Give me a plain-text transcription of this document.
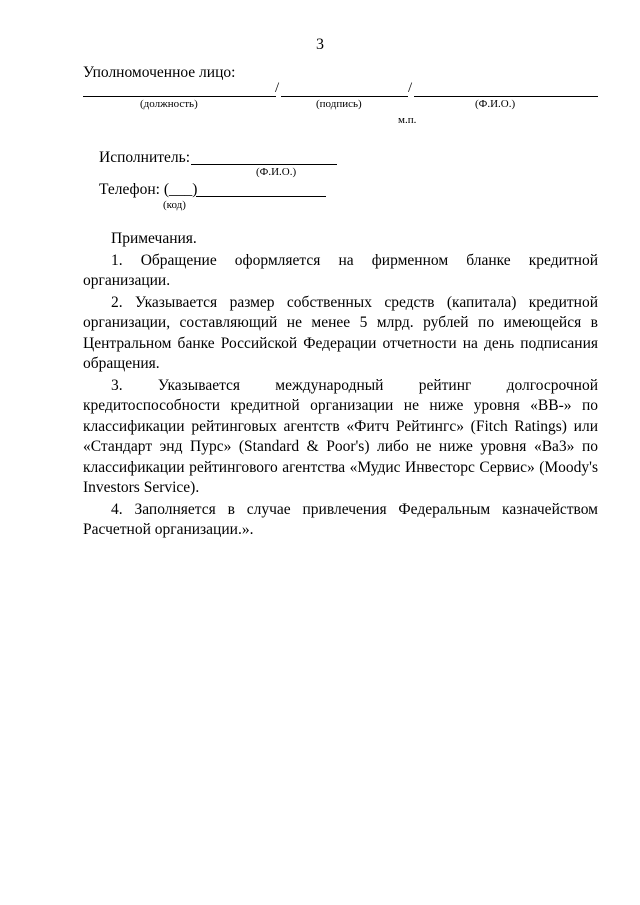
3
Уполномоченное лицо:
/	/
(должность)	(подпись)	(Ф.И.О.)
м.п.
Исполнитель:
(Ф.И.О.)
Телефон: (___)
(код)

Примечания.

1. Обращение оформляется на фирменном бланке кредитной организации.

2. Указывается размер собственных средств (капитала) кредитной организации, составляющий не менее 5 млрд. рублей по имеющейся в Центральном банке Российской Федерации отчетности на день подписания обращения.

3. Указывается международный рейтинг долгосрочной кредитоспособности кредитной организации не ниже уровня «BB-» по классификации рейтинговых агентств «Фитч Рейтингс» (Fitch Ratings) или «Стандарт энд Пурс» (Standard & Poor's) либо не ниже уровня «Ba3» по классификации рейтингового агентства «Мудис Инвесторс Сервис» (Moody's Investors Service).

4. Заполняется в случае привлечения Федеральным казначейством Расчетной организации.».
